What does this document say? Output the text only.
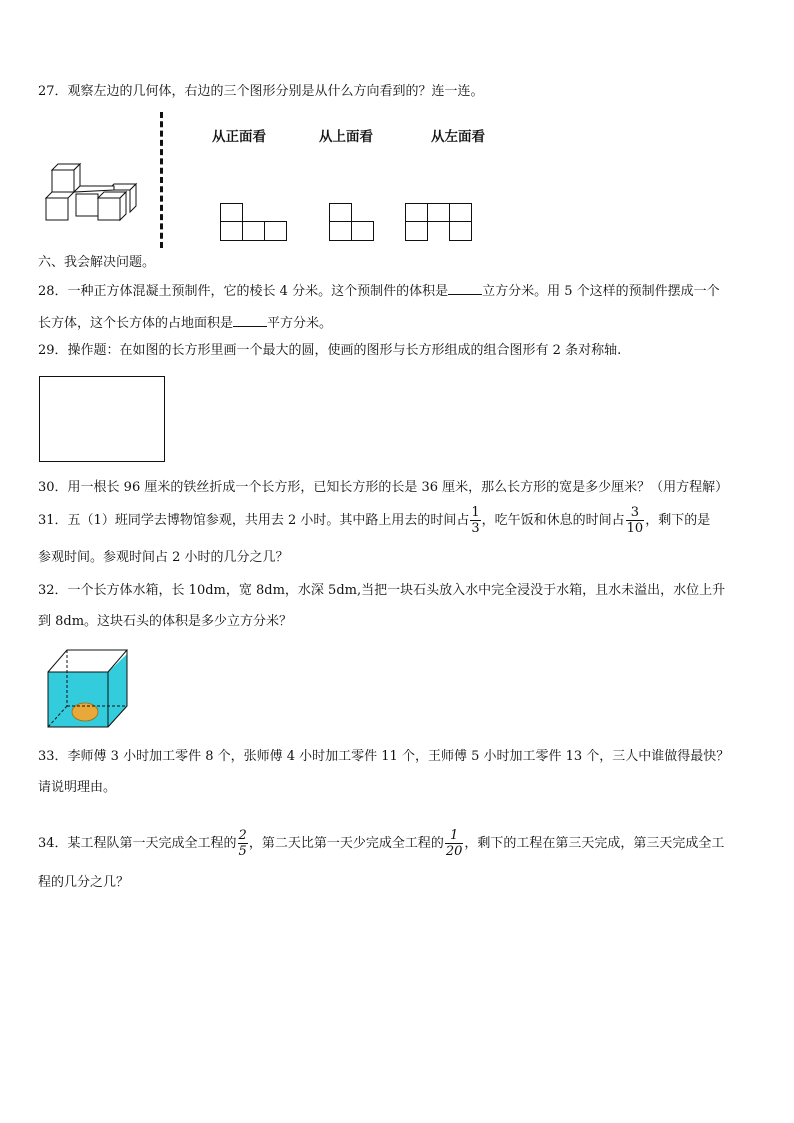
27．观察左边的几何体，右边的三个图形分别是从什么方向看到的？连一连。
从正面看	从上面看	从左面看
六、我会解决问题。
28．一种正方体混凝土预制件，它的棱长 4 分米。这个预制件的体积是	立方分米。用 5 个这样的预制件摆成一个
长方体，这个长方体的占地面积是	平方分米。
29．操作题：在如图的长方形里画一个最大的圆，使画的图形与长方形组成的组合图形有 2 条对称轴.
30．用一根长 96 厘米的铁丝折成一个长方形，已知长方形的长是 36 厘米，那么长方形的宽是多少厘米？（用方程解）
31．五（1）班同学去博物馆参观，共用去 2 小时。其中路上用去的时间占 $\frac{1}{3}$ ，吃午饭和休息的时间占 $\frac{3}{10}$ ，剩下的是
参观时间。参观时间占 2 小时的几分之几？
32．一个长方体水箱，长 10dm，宽 8dm，水深 5dm,当把一块石头放入水中完全浸没于水箱，且水未溢出，水位上升
到 8dm。这块石头的体积是多少立方分米？
33．李师傅 3 小时加工零件 8 个，张师傅 4 小时加工零件 11 个，王师傅 5 小时加工零件 13 个，三人中谁做得最快？
请说明理由。
34．某工程队第一天完成全工程的 $\frac{2}{5}$ ，第二天比第一天少完成全工程的 $\frac{1}{20}$ ，剩下的工程在第三天完成，第三天完成全工
程的几分之几？
